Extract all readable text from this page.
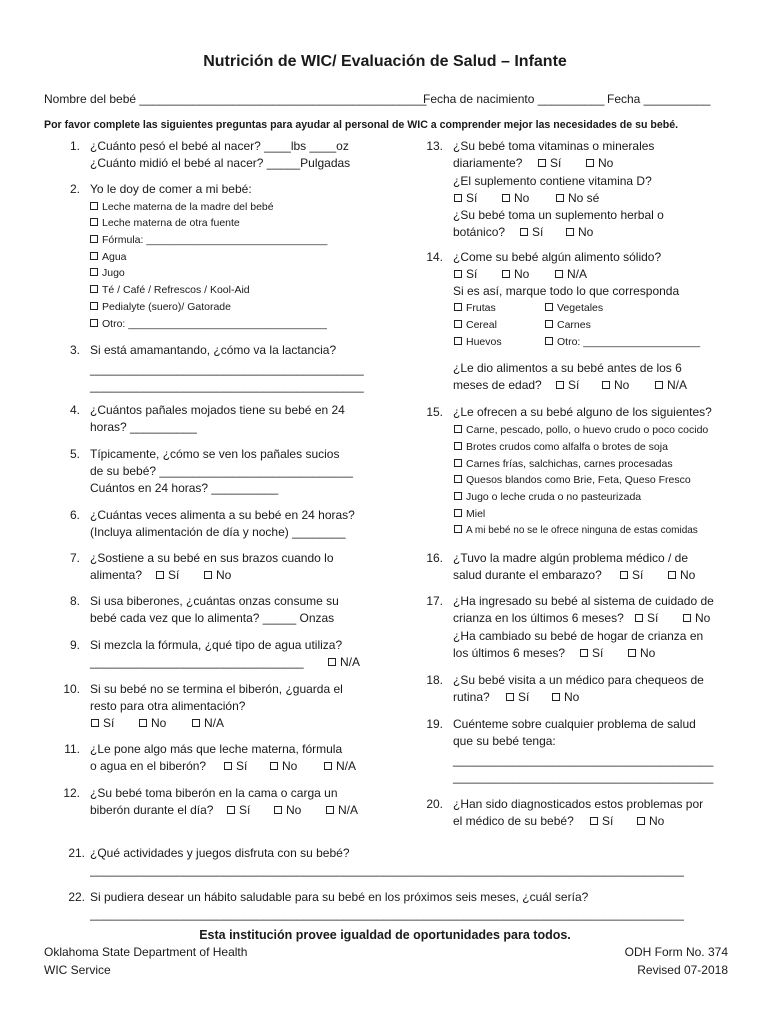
Nutrición de WIC/ Evaluación de Salud – Infante
Nombre del bebé ___________________________________________
Fecha de nacimiento __________ Fecha __________
Por favor complete las siguientes preguntas para ayudar al personal de WIC a comprender mejor las necesidades de su bebé.
1. ¿Cuánto pesó el bebé al nacer? ____lbs ____oz
¿Cuánto midió el bebé al nacer? _____Pulgadas
2. Yo le doy de comer a mi bebé:
Leche materna de la madre del bebé
Leche materna de otra fuente
Fórmula: _______________________________
Agua
Jugo
Té / Café / Refrescos / Kool-Aid
Pedialyte (suero)/ Gatorade
Otro: __________________________________
3. Si está amamantando, ¿cómo va la lactancia?
_________________________________________
_________________________________________
4. ¿Cuántos pañales mojados tiene su bebé en 24
horas? __________
5. Típicamente, ¿cómo se ven los pañales sucios
de su bebé? _____________________________
Cuántos en 24 horas? __________
6. ¿Cuántas veces alimenta a su bebé en 24 horas?
(Incluya alimentación de día y noche) ________
7. ¿Sostiene a su bebé en sus brazos cuando lo
alimenta?	Sí	No
8. Si usa biberones, ¿cuántas onzas consume su
bebé cada vez que lo alimenta? _____ Onzas
9. Si mezcla la fórmula, ¿qué tipo de agua utiliza?
________________________________	N/A
10. Si su bebé no se termina el biberón, ¿guarda el
resto para otra alimentación?
Sí	No	N/A
11. ¿Le pone algo más que leche materna, fórmula
o agua en el biberón?	Sí	No	N/A
12. ¿Su bebé toma biberón en la cama o carga un
biberón durante el día?	Sí	No	N/A
13. ¿Su bebé toma vitaminas o minerales
diariamente?	Sí	No
¿El suplemento contiene vitamina D?
Sí	No	No sé
¿Su bebé toma un suplemento herbal o
botánico?	Sí	No
14. ¿Come su bebé algún alimento sólido?
Sí	No	N/A
Si es así, marque todo lo que corresponda
Frutas	Vegetales
Cereal	Carnes
Huevos	Otro: ____________________
¿Le dio alimentos a su bebé antes de los 6
meses de edad?	Sí	No	N/A
15. ¿Le ofrecen a su bebé alguno de los siguientes?
Carne, pescado, pollo, o huevo crudo o poco cocido
Brotes crudos como alfalfa o brotes de soja
Carnes frías, salchichas, carnes procesadas
Quesos blandos como Brie, Feta, Queso Fresco
Jugo o leche cruda o no pasteurizada
Miel
A mi bebé no se le ofrece ninguna de estas comidas
16. ¿Tuvo la madre algún problema médico / de
salud durante el embarazo?	Sí	No
17. ¿Ha ingresado su bebé al sistema de cuidado de
crianza en los últimos 6 meses?	Sí	No
¿Ha cambiado su bebé de hogar de crianza en
los últimos 6 meses?	Sí	No
18. ¿Su bebé visita a un médico para chequeos de
rutina?	Sí	No
19. Cuénteme sobre cualquier problema de salud
que su bebé tenga:
_______________________________________
_______________________________________
20. ¿Han sido diagnosticados estos problemas por
el médico de su bebé?	Sí	No
21. ¿Qué actividades y juegos disfruta con su bebé?
_________________________________________________________________________________________
22. Si pudiera desear un hábito saludable para su bebé en los próximos seis meses, ¿cuál sería?
_________________________________________________________________________________________
Esta institución provee igualdad de oportunidades para todos.
Oklahoma State Department of Health
WIC Service
ODH Form No. 374
Revised 07-2018
